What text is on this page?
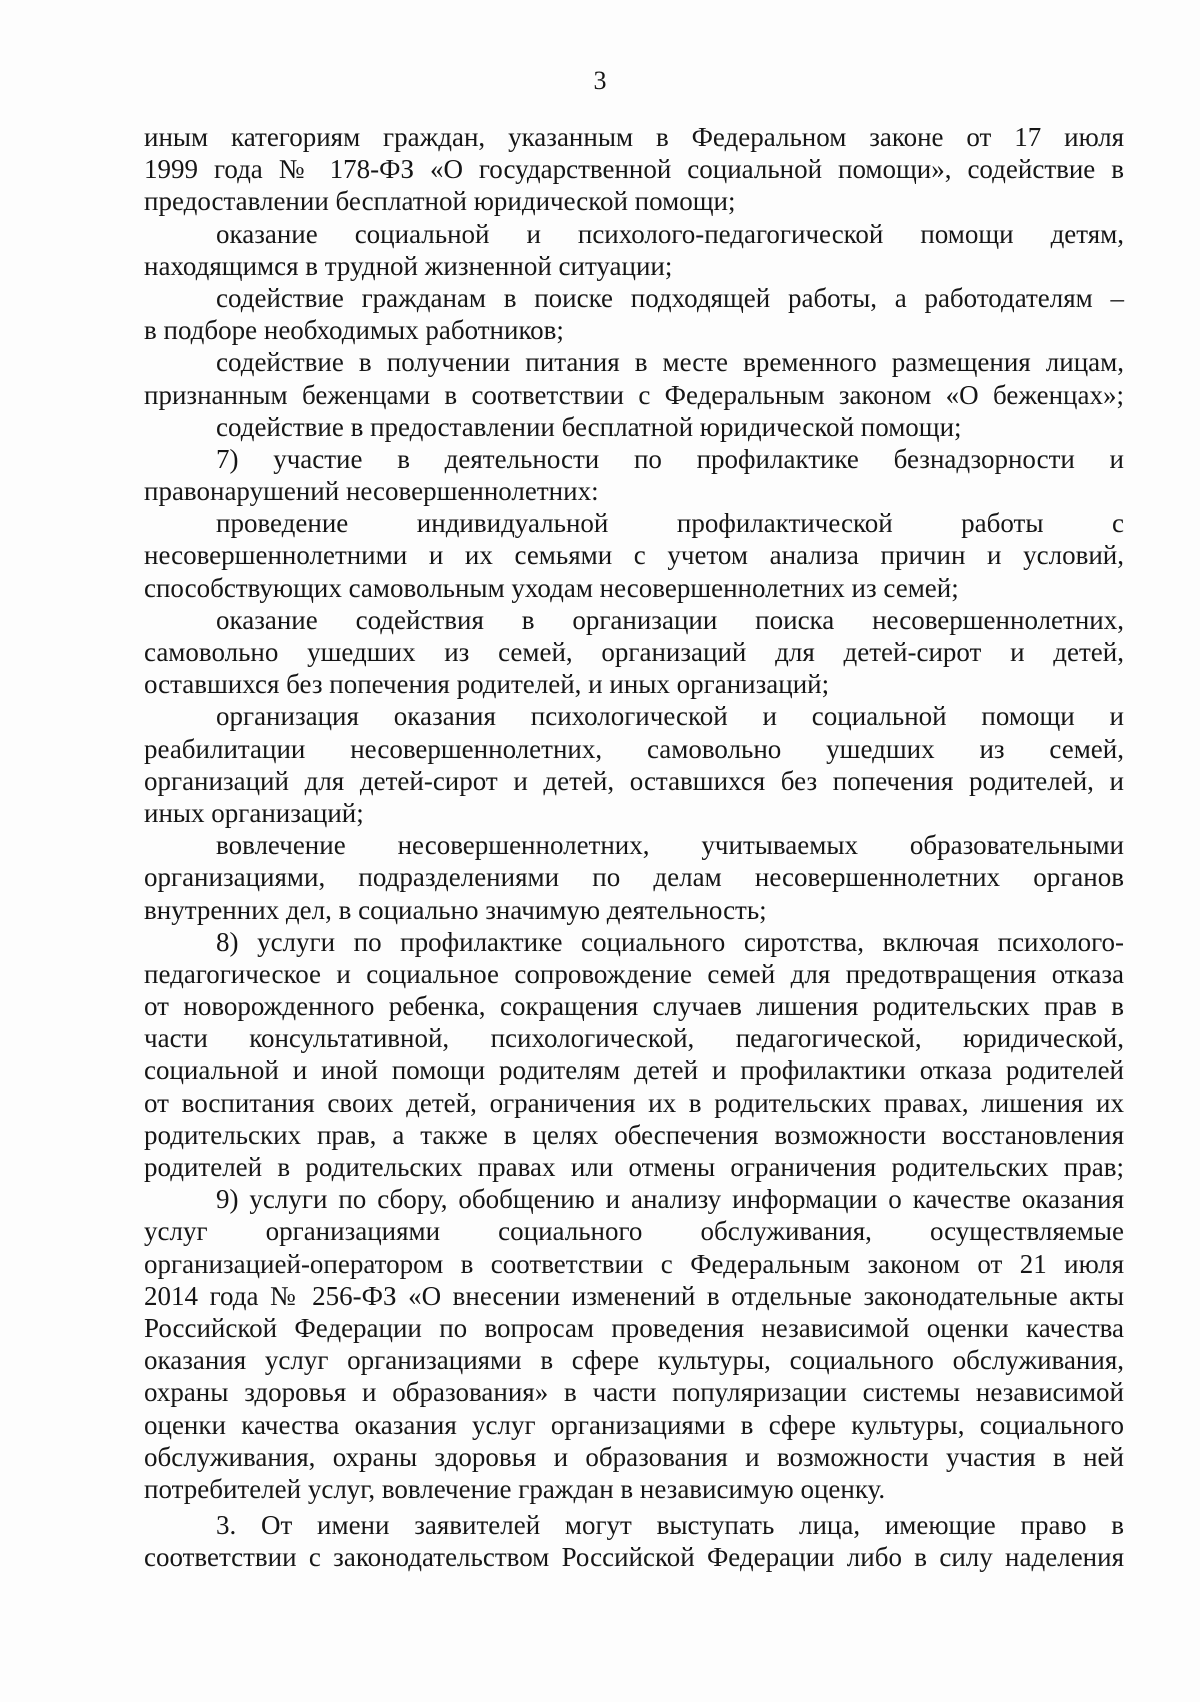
3
иным категориям граждан, указанным в Федеральном законе от 17 июля
1999 года № 178-ФЗ «О государственной социальной помощи», содействие в
предоставлении бесплатной юридической помощи;
оказание социальной и психолого-педагогической помощи детям,
находящимся в трудной жизненной ситуации;
содействие гражданам в поиске подходящей работы, а работодателям –
в подборе необходимых работников;
содействие в получении питания в месте временного размещения лицам,
признанным беженцами в соответствии с Федеральным законом «О беженцах»;
содействие в предоставлении бесплатной юридической помощи;
7) участие в деятельности по профилактике безнадзорности и
правонарушений несовершеннолетних:
проведение индивидуальной профилактической работы с
несовершеннолетними и их семьями с учетом анализа причин и условий,
способствующих самовольным уходам несовершеннолетних из семей;
оказание содействия в организации поиска несовершеннолетних,
самовольно ушедших из семей, организаций для детей-сирот и детей,
оставшихся без попечения родителей, и иных организаций;
организация оказания психологической и социальной помощи и
реабилитации несовершеннолетних, самовольно ушедших из семей,
организаций для детей-сирот и детей, оставшихся без попечения родителей, и
иных организаций;
вовлечение несовершеннолетних, учитываемых образовательными
организациями, подразделениями по делам несовершеннолетних органов
внутренних дел, в социально значимую деятельность;
8) услуги по профилактике социального сиротства, включая психолого-
педагогическое и социальное сопровождение семей для предотвращения отказа
от новорожденного ребенка, сокращения случаев лишения родительских прав в
части консультативной, психологической, педагогической, юридической,
социальной и иной помощи родителям детей и профилактики отказа родителей
от воспитания своих детей, ограничения их в родительских правах, лишения их
родительских прав, а также в целях обеспечения возможности восстановления
родителей в родительских правах или отмены ограничения родительских прав;
9) услуги по сбору, обобщению и анализу информации о качестве оказания
услуг организациями социального обслуживания, осуществляемые
организацией-оператором в соответствии с Федеральным законом от 21 июля
2014 года № 256-ФЗ «О внесении изменений в отдельные законодательные акты
Российской Федерации по вопросам проведения независимой оценки качества
оказания услуг организациями в сфере культуры, социального обслуживания,
охраны здоровья и образования» в части популяризации системы независимой
оценки качества оказания услуг организациями в сфере культуры, социального
обслуживания, охраны здоровья и образования и возможности участия в ней
потребителей услуг, вовлечение граждан в независимую оценку.
3. От имени заявителей могут выступать лица, имеющие право в
соответствии с законодательством Российской Федерации либо в силу наделения
